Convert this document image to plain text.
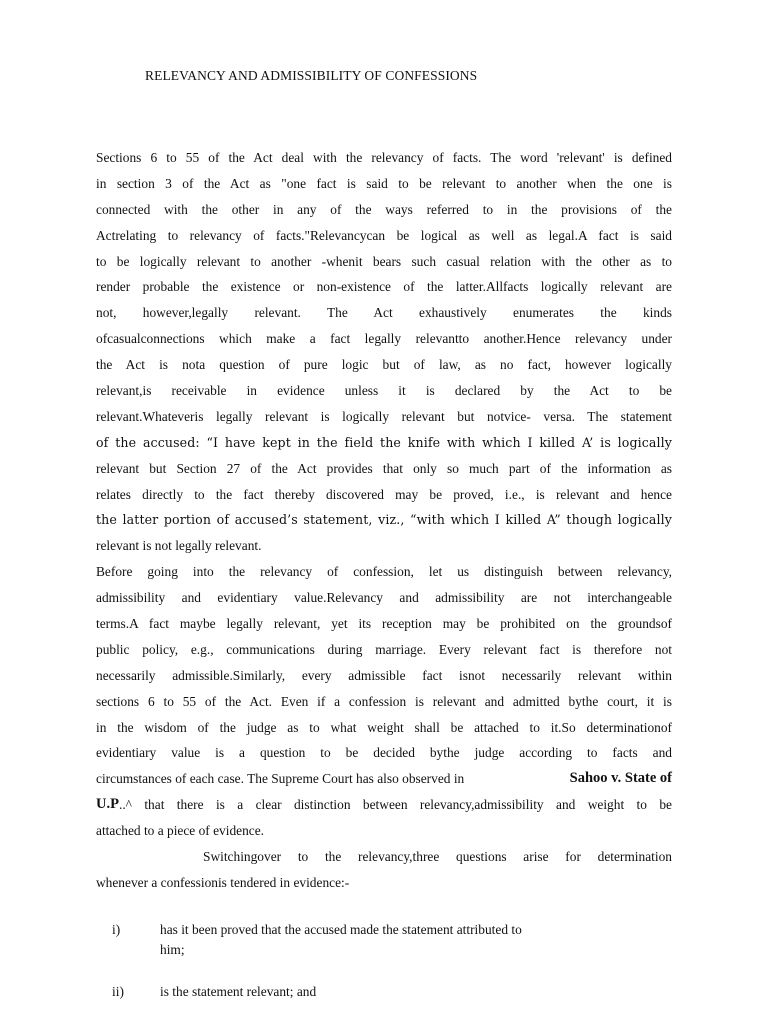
RELEVANCY AND ADMISSIBILITY OF CONFESSIONS
Sections 6 to 55 of the Act deal with the relevancy of facts. The word 'relevant' is defined
in section 3 of the Act as "one fact is said to be relevant to another when the one is
connected with the other in any of the ways referred to in the provisions of the
Actrelating to relevancy of facts."Relevancycan be logical as well as legal.A fact is said
to be logically relevant to another -whenit bears such casual relation with the other as to
render probable the existence or non-existence of the latter.Allfacts logically relevant are
not, however,legally relevant. The Act exhaustively enumerates the kinds
ofcasualconnections which make a fact legally relevantto another.Hence relevancy under
the Act is nota question of pure logic but of law, as no fact, however logically
relevant,is receivable in evidence unless it is declared by the Act to be
relevant.Whateveris legally relevant is logically relevant but notvice- versa. The statement
of the accused: “I have kept in the field the knife with which I killed A’ is logically
relevant but Section 27 of the Act provides that only so much part of the information as
relates directly to the fact thereby discovered may be proved, i.e., is relevant and hence
the latter portion of accused’s statement, viz., “with which I killed A” though logically
relevant is not legally relevant.
Before going into the relevancy of confession, let us distinguish between relevancy,
admissibility and evidentiary value.Relevancy and admissibility are not interchangeable
terms.A fact maybe legally relevant, yet its reception may be prohibited on the groundsof
public policy, e.g., communications during marriage. Every relevant fact is therefore not
necessarily admissible.Similarly, every admissible fact isnot necessarily relevant within
sections 6 to 55 of the Act. Even if a confession is relevant and admitted bythe court, it is
in the wisdom of the judge as to what weight shall be attached to it.So determinationof
evidentiary value is a question to be decided bythe judge according to facts and
circumstances of each case. The Supreme Court has also observed in	Sahoo v. State of
U.P ..^ that there is a clear distinction between relevancy,admissibility and weight to be
attached to a piece of evidence.
Switchingover to the relevancy,three questions arise for determination
whenever a confessionis tendered in evidence:-
i)	has it been proved that the accused made the statement attributed to
him;
ii)	is the statement relevant; and
